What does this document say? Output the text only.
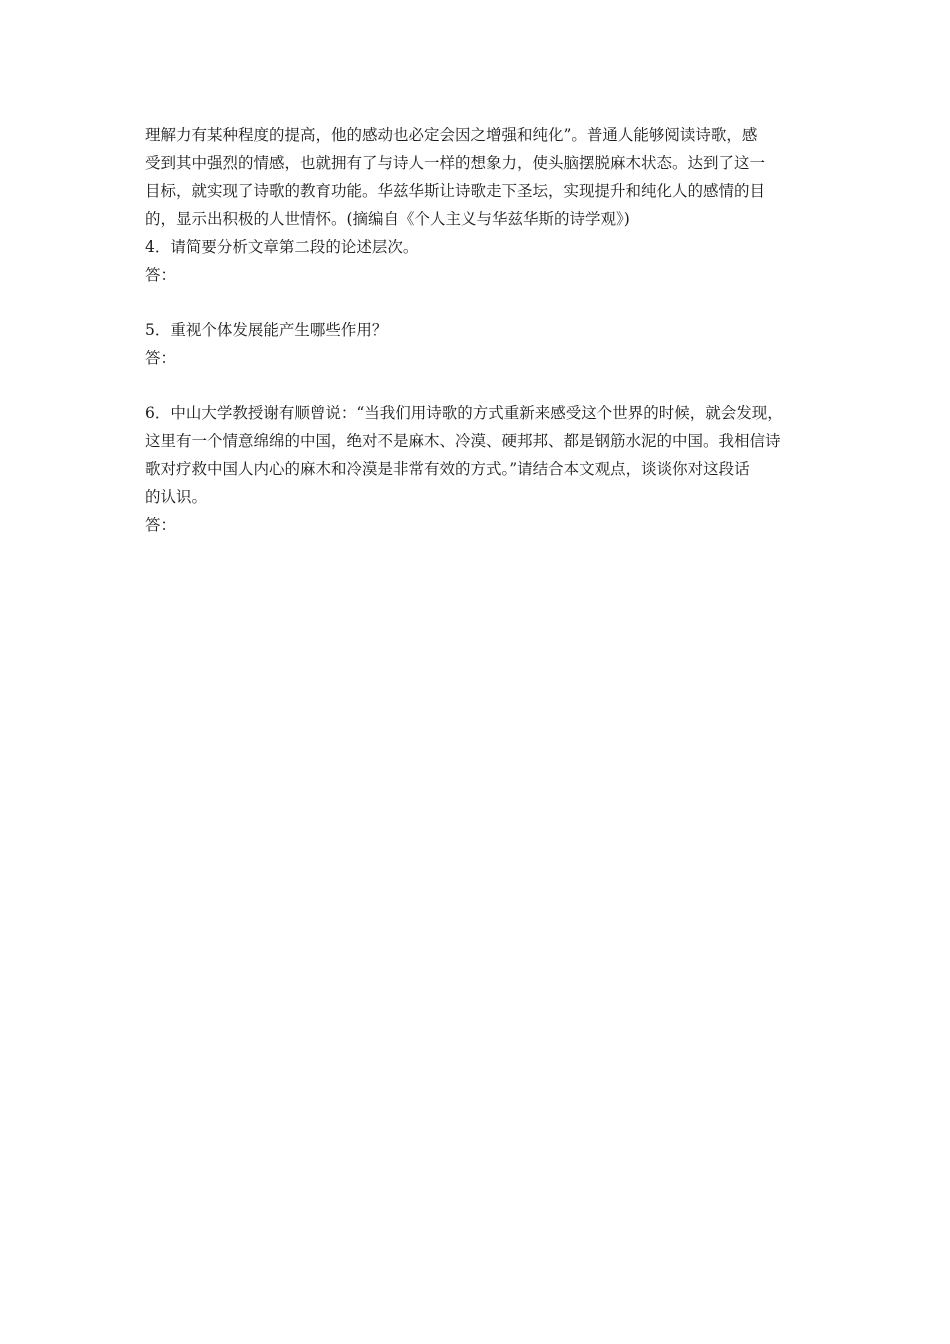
理解力有某种程度的提高，他的感动也必定会因之增强和纯化”。普通人能够阅读诗歌，感
受到其中强烈的情感，也就拥有了与诗人一样的想象力，使头脑摆脱麻木状态。达到了这一
目标，就实现了诗歌的教育功能。华兹华斯让诗歌走下圣坛，实现提升和纯化人的感情的目
的，显示出积极的人世情怀。(摘编自《个人主义与华兹华斯的诗学观》)
4．请简要分析文章第二段的论述层次。
答：
5．重视个体发展能产生哪些作用？
答：
6．中山大学教授谢有顺曾说：“当我们用诗歌的方式重新来感受这个世界的时候，就会发现，
这里有一个情意绵绵的中国，绝对不是麻木、冷漠、硬邦邦、都是钢筋水泥的中国。我相信诗
歌对疗救中国人内心的麻木和冷漠是非常有效的方式。”请结合本文观点，谈谈你对这段话
的认识。
答：
